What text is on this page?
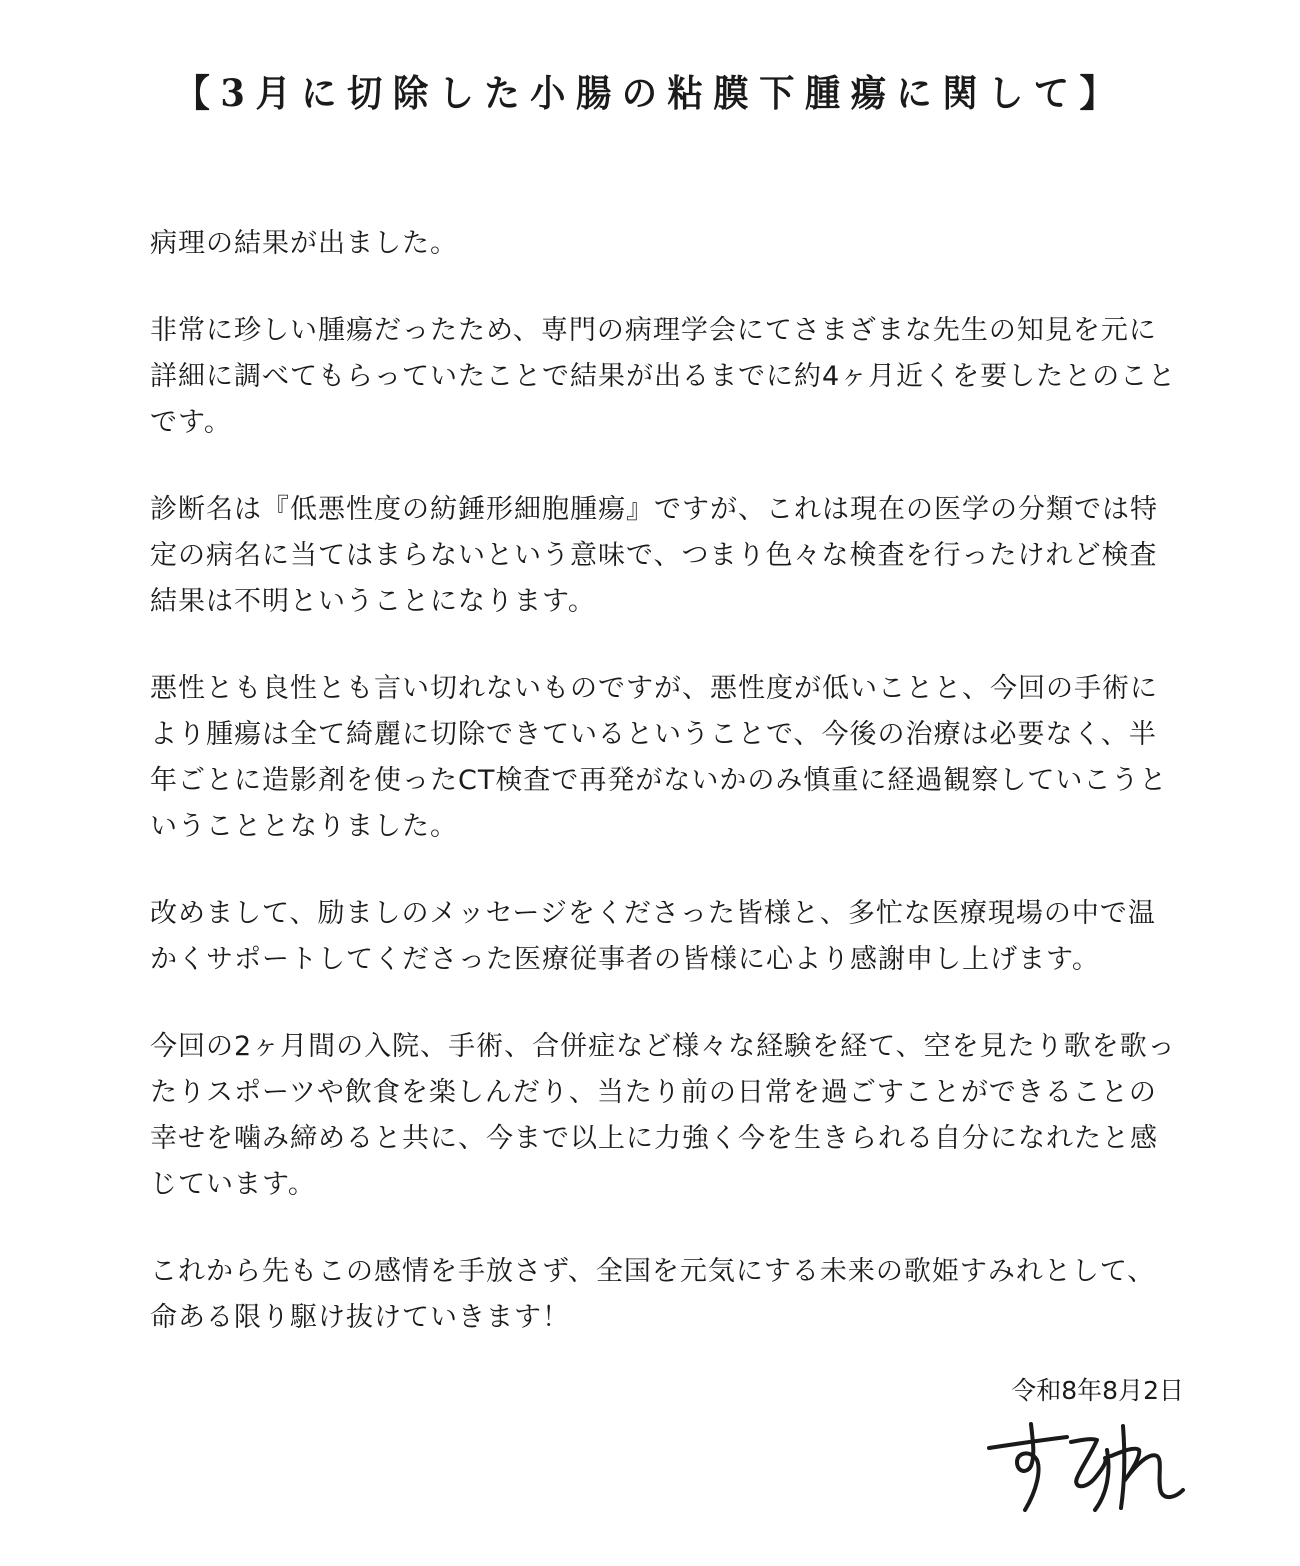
【3月に切除した小腸の粘膜下腫瘍に関して】
病理の結果が出ました。
非常に珍しい腫瘍だったため、専門の病理学会にてさまざまな先生の知見を元に
詳細に調べてもらっていたことで結果が出るまでに約4ヶ月近くを要したとのこと
です。
診断名は『低悪性度の紡錘形細胞腫瘍』ですが、これは現在の医学の分類では特
定の病名に当てはまらないという意味で、つまり色々な検査を行ったけれど検査
結果は不明ということになります。
悪性とも良性とも言い切れないものですが、悪性度が低いことと、今回の手術に
より腫瘍は全て綺麗に切除できているということで、今後の治療は必要なく、半
年ごとに造影剤を使ったCT検査で再発がないかのみ慎重に経過観察していこうと
いうこととなりました。
改めまして、励ましのメッセージをくださった皆様と、多忙な医療現場の中で温
かくサポートしてくださった医療従事者の皆様に心より感謝申し上げます。
今回の2ヶ月間の入院、手術、合併症など様々な経験を経て、空を見たり歌を歌っ
たりスポーツや飲食を楽しんだり、当たり前の日常を過ごすことができることの
幸せを噛み締めると共に、今まで以上に力強く今を生きられる自分になれたと感
じています。
これから先もこの感情を手放さず、全国を元気にする未来の歌姫すみれとして、
命ある限り駆け抜けていきます！
令和8年8月2日
